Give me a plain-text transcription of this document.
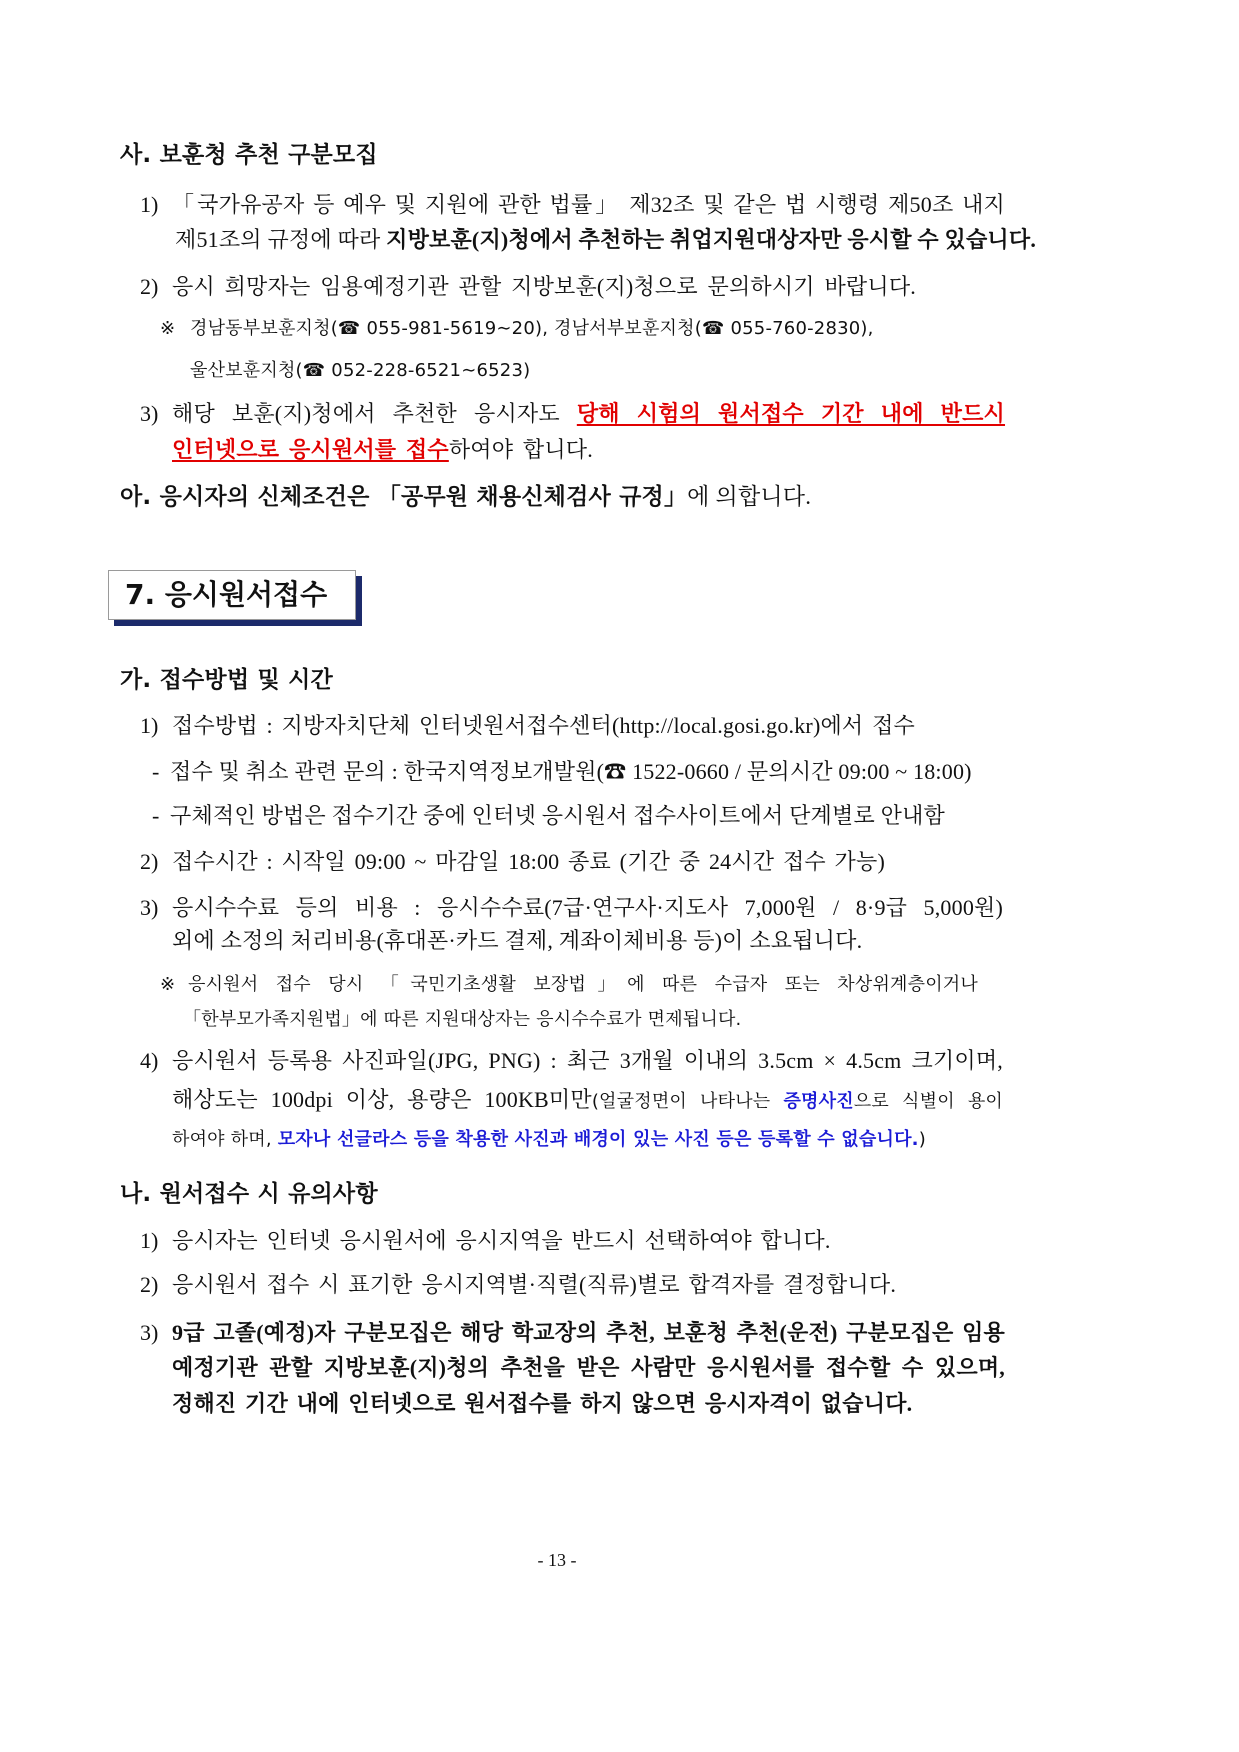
사. 보훈청 추천 구분모집
1) 「국가유공자 등 예우 및 지원에 관한 법률」 제32조 및 같은 법 시행령 제50조 내지
제51조의 규정에 따라 지방보훈(지)청에서 추천하는 취업지원대상자만 응시할 수 있습니다.
2) 응시 희망자는 임용예정기관 관할 지방보훈(지)청으로 문의하시기 바랍니다.
※ 경남동부보훈지청(☎ 055-981-5619∼20), 경남서부보훈지청(☎ 055-760-2830),
울산보훈지청(☎ 052-228-6521∼6523)
3) 해당 보훈(지)청에서 추천한 응시자도 당해 시험의 원서접수 기간 내에 반드시
인터넷으로 응시원서를 접수하여야 합니다.
아. 응시자의 신체조건은 「공무원 채용신체검사 규정」에 의합니다.
7. 응시원서접수
가. 접수방법 및 시간
1) 접수방법 : 지방자치단체 인터넷원서접수센터(http://local.gosi.go.kr)에서 접수
- 접수 및 취소 관련 문의 : 한국지역정보개발원(☎ 1522-0660 / 문의시간 09:00 ~ 18:00)
- 구체적인 방법은 접수기간 중에 인터넷 응시원서 접수사이트에서 단계별로 안내함
2) 접수시간 : 시작일 09:00 ~ 마감일 18:00 종료 (기간 중 24시간 접수 가능)
3) 응시수수료 등의 비용 : 응시수수료(7급·연구사·지도사 7,000원 / 8·9급 5,000원)
외에 소정의 처리비용(휴대폰·카드 결제, 계좌이체비용 등)이 소요됩니다.
※ 응시원서 접수 당시 「국민기초생활 보장법」에 따른 수급자 또는 차상위계층이거나
「한부모가족지원법」에 따른 지원대상자는 응시수수료가 면제됩니다.
4) 응시원서 등록용 사진파일(JPG, PNG) : 최근 3개월 이내의 3.5cm × 4.5cm 크기이며,
해상도는 100dpi 이상, 용량은 100KB미만(얼굴정면이 나타나는 증명사진으로 식별이 용이
하여야 하며, 모자나 선글라스 등을 착용한 사진과 배경이 있는 사진 등은 등록할 수 없습니다.)
나. 원서접수 시 유의사항
1) 응시자는 인터넷 응시원서에 응시지역을 반드시 선택하여야 합니다.
2) 응시원서 접수 시 표기한 응시지역별·직렬(직류)별로 합격자를 결정합니다.
3) 9급 고졸(예정)자 구분모집은 해당 학교장의 추천, 보훈청 추천(운전) 구분모집은 임용
예정기관 관할 지방보훈(지)청의 추천을 받은 사람만 응시원서를 접수할 수 있으며,
정해진 기간 내에 인터넷으로 원서접수를 하지 않으면 응시자격이 없습니다.
- 13 -
